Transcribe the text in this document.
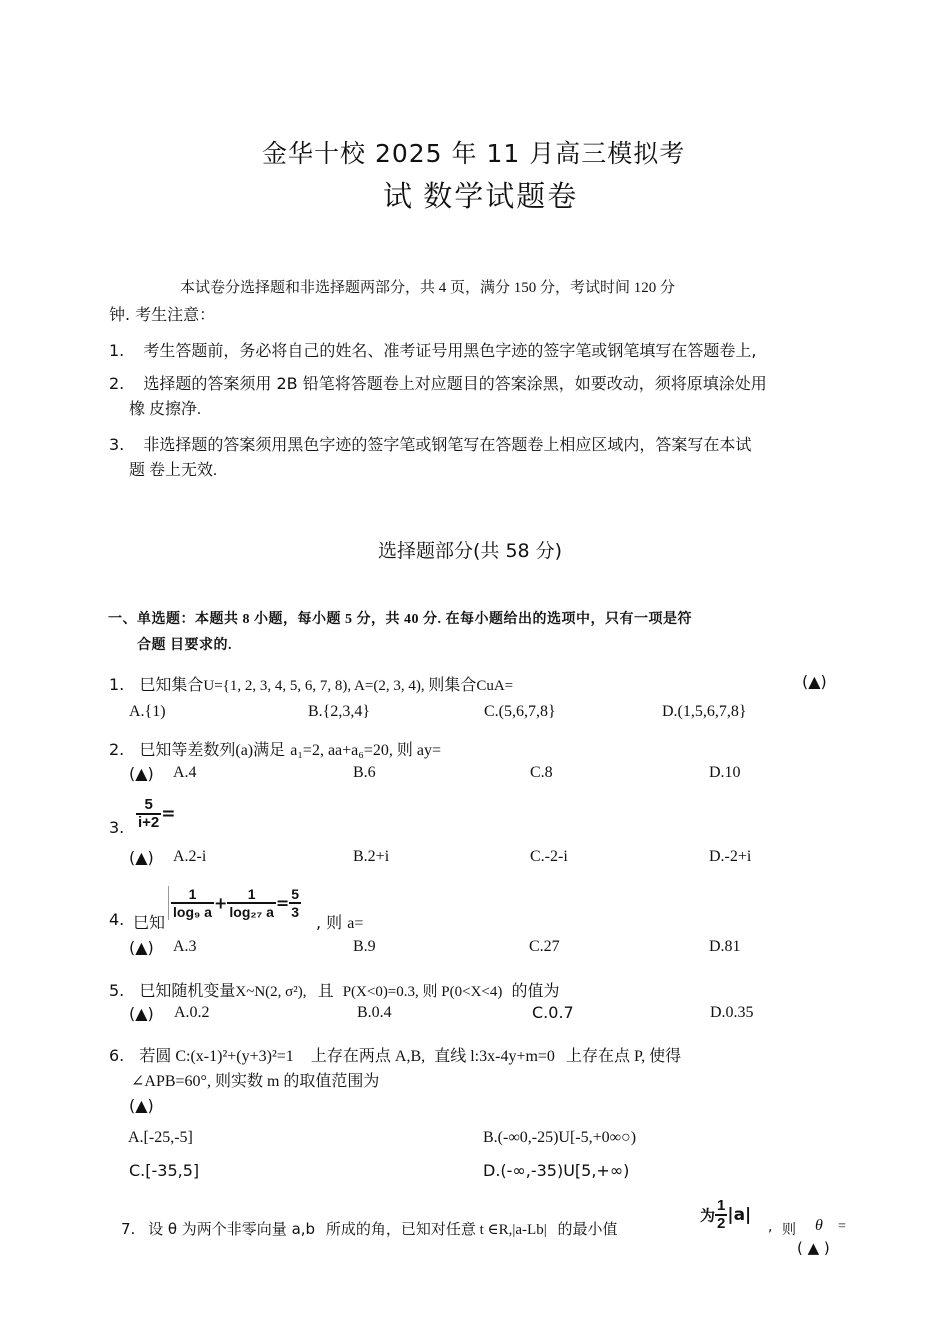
金华十校 2025 年 11 月高三模拟考
试 数学试题卷
本试卷分选择题和非选择题两部分，共 4 页，满分 150 分，考试时间 120 分
钟. 考生注意：
1. 考生答题前，务必将自己的姓名、准考证号用黑色字迹的签字笔或钢笔填写在答题卷上,
2. 选择题的答案须用 2B 铅笔将答题卷上对应题目的答案涂黑，如要改动，须将原填涂处用
橡 皮擦净.
3. 非选择题的答案须用黑色字迹的签字笔或钢笔写在答题卷上相应区域内，答案写在本试
题 卷上无效.
选择题部分(共 58 分)
一、单选题：本题共 8 小题，每小题 5 分，共 40 分. 在每小题给出的选项中，只有一项是符
合题 目要求的.
1. 巳知集合U={1, 2, 3, 4, 5, 6, 7, 8), A=(2, 3, 4), 则集合CuA=	(▲)
A.{1)	B.{2,3,4}	C.(5,6,7,8}	D.(1,5,6,7,8}
2. 巳知等差数列(a)满足 a₁=2, aa+a₆=20, 则 ay=
(▲) A.4	B.6	C.8	D.10
3. $\frac{5}{i+2}$ =
(▲) A.2-i	B.2+i	C.-2-i	D.-2+i
4. 巳知
$\frac{1}{\text{log₉ a}} + \frac{1}{\text{log₂₇ a}} = \frac{5}{3}$
, 则 a=
(▲) A.3	B.9	C.27	D.81
5. 巳知随机变量X~N(2, σ²), 且 P(X<0)=0.3, 则 P(0<X<4) 的值为
(▲) A.0.2	B.0.4	C.0.7	D.0.35
6. 若圆 C:(x-1)²+(y+3)²=1 上存在两点 A,B, 直线 l:3x-4y+m=0 上存在点 P, 使得
∠APB=60°, 则实数 m 的取值范围为
(▲)
A.[-25,-5]	B.(-∞0,-25)U[-5,+0∞○)
C.[-35,5]	D.(-∞,-35)U[5,+∞)
7. 设 θ 为两个非零向量 a,b 所成的角，已知对任意 t ∈R,|a-Lb| 的最小值
为 $\frac{1}{2} |a|$
, 则 θ =
( ▲ )
